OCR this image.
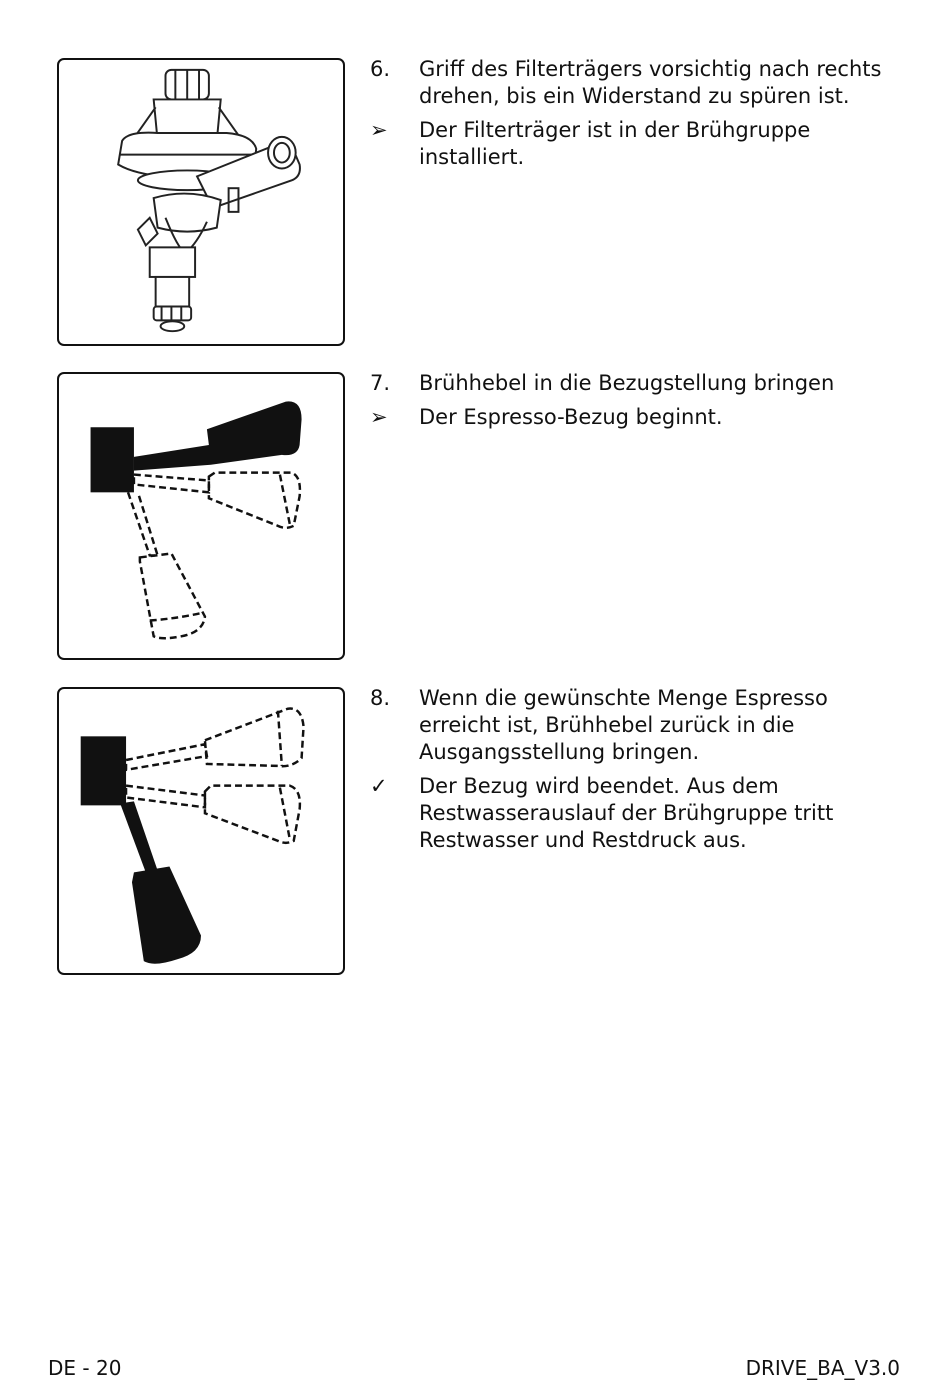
6. Griff des Filterträgers vorsichtig nach rechts drehen, bis ein Widerstand zu spüren ist.
➢ Der Filterträger ist in der Brühgruppe installiert.
7. Brühhebel in die Bezugstellung bringen
➢ Der Espresso-Bezug beginnt.
8. Wenn die gewünschte Menge Espresso erreicht ist, Brühhebel zurück in die Ausgangsstellung bringen.
✓ Der Bezug wird beendet. Aus dem Restwasserauslauf der Brühgruppe tritt Restwasser und Restdruck aus.
DE - 20	DRIVE_BA_V3.0
